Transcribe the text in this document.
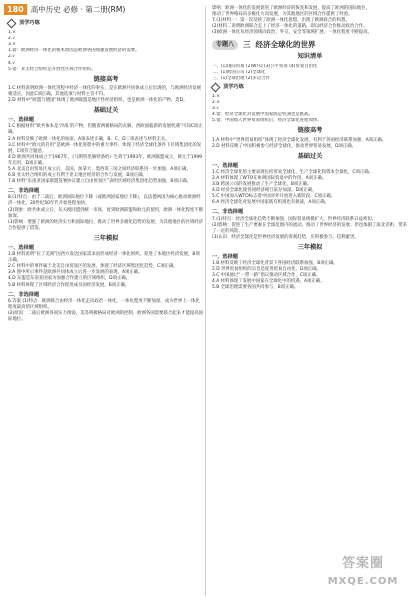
180 高中历史 必修 · 第二册(RM)
顶学巧练
1.×
2.√
3.×
1.错：欧洲经济一体化的根本原因是欧洲各国加强发展经济的需要。
2.√
4.√
5.错：亚太经合组织是开放性区域合作组织。
链接高考

1.C 材料说明欧洲一体化进程中经济一体化的事实，是在欧洲共同体成立后出现的，与欧洲经济发展相适应，因此C项正确。其他选项与材料主旨不符。

2.D 材料中“欧盟与德国”体现了欧洲联盟是地区性经济组织，也是欧洲一体化的产物，选D。

基础过关
一、选择题

1.C 根据材料“欧共体本是‘冷战’的产物，但随着两极格局的瓦解，西欧面临新的发展机遇”可知C项正确。

2.A 材料反映了欧洲一体化的加深，A项表述正确，B、C、D三项表述与材料无关。

3.C 材料中“欧元的启用”是欧洲一体化进程中的重大事件，体现了经济全球化条件下区域集团化的发展，C项符合题意。

4.D 欧洲共同体成立于1967年，《马斯特里赫特条约》生效于1993年，欧洲联盟成立，欧元于1999年启用，D项正确。

5.A 北美自由贸易区成立后，美国、加拿大、墨西哥三国之间经济联系进一步加强，A项正确。

6.B 亚太经合组织的成立有利于亚太地区经济的合作与发展，B项正确。

7.B 材料“东南亚国家联盟签署协议建立自由贸易区”表明区域经济集团化趋势加强，B项正确。

二、非选择题

8.(1)特点：由于二战后，欧洲国际地位下降（或欧洲国家地位下降），以法德两国为核心推动欧洲经济一体化，20世纪50年代开始进程加快。

(2)现象：欧共体成立后，从关税同盟到统一市场，再到欧洲联盟和欧元的使用，欧洲一体化程度不断加深。

(3)影响：增强了欧洲的经济实力和国际地位，推动了世界多极化趋势的发展；为其他地区的区域经济合作提供了借鉴。

三年模拟
一、选择题

1.B 材料说明“拉丁美洲”因西方发达国家需求而形成经济一体化组织，促进了本地区经济发展，B项正确。

2.C 材料中的事件属于北美自由贸易区的发展，体现了经济区域集团化趋势，C项正确。

3.A 图中所示事件是欧洲共同体成立后进一步发展的表现，A项正确。

4.D 东盟是东南亚国家为加强合作建立的区域组织，D项正确。

5.B 材料体现了区域经济合作促进成员国经济发展，B项正确。

二、非选择题

6.答案 (1)特点：欧洲联合由经济一体化走向政治一体化，一体化程度不断加深，成为世界上一体化程度最高的区域组织。

(2)原因：二战后欧洲各国实力削弱，美苏两极格局对欧洲的控制，欧洲各国需要联合起来才能提高国际地位。

影响：欧洲一体化的发展促进了欧洲经济的恢复和发展，提高了欧洲的国际地位，

推动了世界格局向多极化方向发展，为其他地区的区域合作提供了经验。

7.(1)材料一：第一次反映了欧洲一体化思想，出现了欧洲联合的构想。

(2)材料二说明欧洲联合走上了经济一体化的道路，即以经济合作推动政治合作。

(3)欧洲一体化从经济领域向政治、外交、安全等领域扩展，一体化程度不断提高。

专题八	三 经济全球化的世界
知识清单
一、(1)国际贸易 (2)WTO (3)公平贸易 (4)贸易自由化
二、(1)跨国公司 (2)全球化
三、(1)全球治理 (2)多边合作
顶学巧练
1.×
2.×
3.√
4.错：经济全球化对发展中国家既是机遇也是挑战。
5.错：中国加入世界贸易组织后，经济全球化进程加快。
链接高考

1.A 材料中“世界贸易组织”体现了经济全球化发展，有利于各国经济联系加强，A项正确。

2.D 材料反映了中国积极参与经济全球化，推动世界贸易发展，D项正确。

基础过关
一、选择题

1.C 经济全球化的主要表现包括贸易全球化、生产全球化和资本全球化，C项正确。

2.A 材料体现了WTO在协调国际贸易中的作用，A项正确。

3.B 跨国公司的发展推动了生产全球化，B项正确。

4.D 经济全球化使各国经济相互依存加深，D项正确。

5.C 中国加入WTO标志着中国对外开放进入新阶段，C项正确。

6.A 经济全球化对发展中国家既有机遇也有挑战，A项正确。

二、非选择题

7.(1)特点：经济全球化趋势不断加强，国际贸易规模扩大，世界经济联系日益密切。

(2)影响：促进了生产要素在全球范围内的流动，推动了世界经济的发展；但也加剧了南北差距，带来了一定的风险。

(3)认识：经济全球化是世界经济发展的客观趋势，应积极参与、趋利避害。

三年模拟
一、选择题

1.B 材料反映了经济全球化背景下各国经济联系加强，B项正确。

2.D 世界贸易组织的宗旨是促进贸易自由化，D项正确。

3.C 中国通过“一带一路”倡议推动区域合作，C项正确。

4.A 材料体现了发展中国家在全球化中的机遇，A项正确。

5.B 全球治理需要各国共同参与，B项正确。

答案圈
MXQE.COM
